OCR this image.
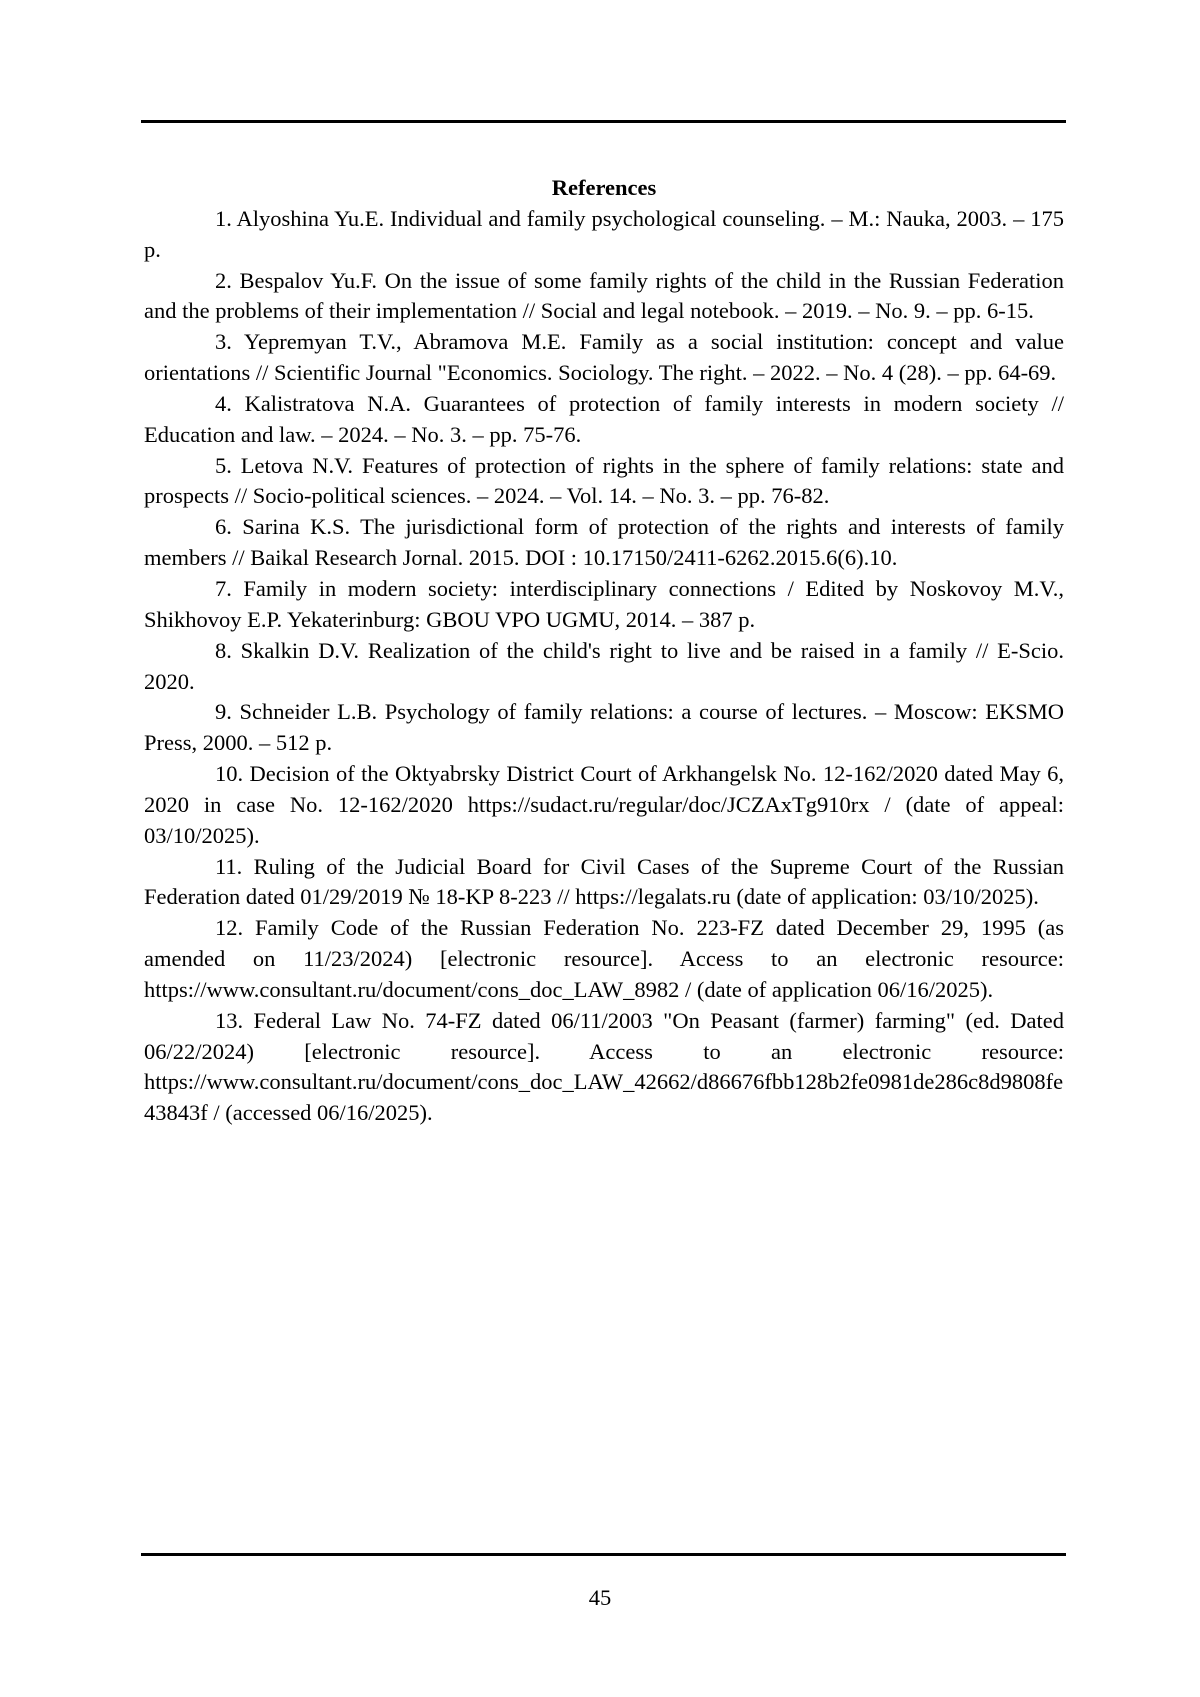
References

1. Alyoshina Yu.E. Individual and family psychological counseling. – M.: Nauka, 2003. – 175 p.

2. Bespalov Yu.F. On the issue of some family rights of the child in the Russian Federation and the problems of their implementation // Social and legal notebook. – 2019. – No. 9. – pp. 6-15.

3. Yepremyan T.V., Abramova M.E. Family as a social institution: concept and value orientations // Scientific Journal "Economics. Sociology. The right. – 2022. – No. 4 (28). – pp. 64-69.

4. Kalistratova N.A. Guarantees of protection of family interests in modern society // Education and law. – 2024. – No. 3. – pp. 75-76.

5. Letova N.V. Features of protection of rights in the sphere of family relations: state and prospects // Socio-political sciences. – 2024. – Vol. 14. – No. 3. – pp. 76-82.

6. Sarina K.S. The jurisdictional form of protection of the rights and interests of family members // Baikal Research Jornal. 2015. DOI : 10.17150/2411-6262.2015.6(6).10.

7. Family in modern society: interdisciplinary connections / Edited by Noskovoy M.V., Shikhovoy E.P. Yekaterinburg: GBOU VPO UGMU, 2014. – 387 p.

8. Skalkin D.V. Realization of the child's right to live and be raised in a family // E-Scio. 2020.

9. Schneider L.B. Psychology of family relations: a course of lectures. – Moscow: EKSMO Press, 2000. – 512 p.

10. Decision of the Oktyabrsky District Court of Arkhangelsk No. 12-162/2020 dated May 6, 2020 in case No. 12-162/2020 https://sudact.ru/regular/doc/JCZAxTg910rx / (date of appeal: 03/10/2025).

11. Ruling of the Judicial Board for Civil Cases of the Supreme Court of the Russian Federation dated 01/29/2019 № 18-KP 8-223 // https://legalats.ru (date of application: 03/10/2025).

12. Family Code of the Russian Federation No. 223-FZ dated December 29, 1995 (as amended on 11/23/2024) [electronic resource]. Access to an electronic resource: https://www.consultant.ru/document/cons_doc_LAW_8982 / (date of application 06/16/2025).

13. Federal Law No. 74-FZ dated 06/11/2003 "On Peasant (farmer) farming" (ed. Dated 06/22/2024) [electronic resource]. Access to an electronic resource: https://www.consultant.ru/document/cons_doc_LAW_42662/d86676fbb128b2fe0981de286c8d9808fe43843f / (accessed 06/16/2025).

45
